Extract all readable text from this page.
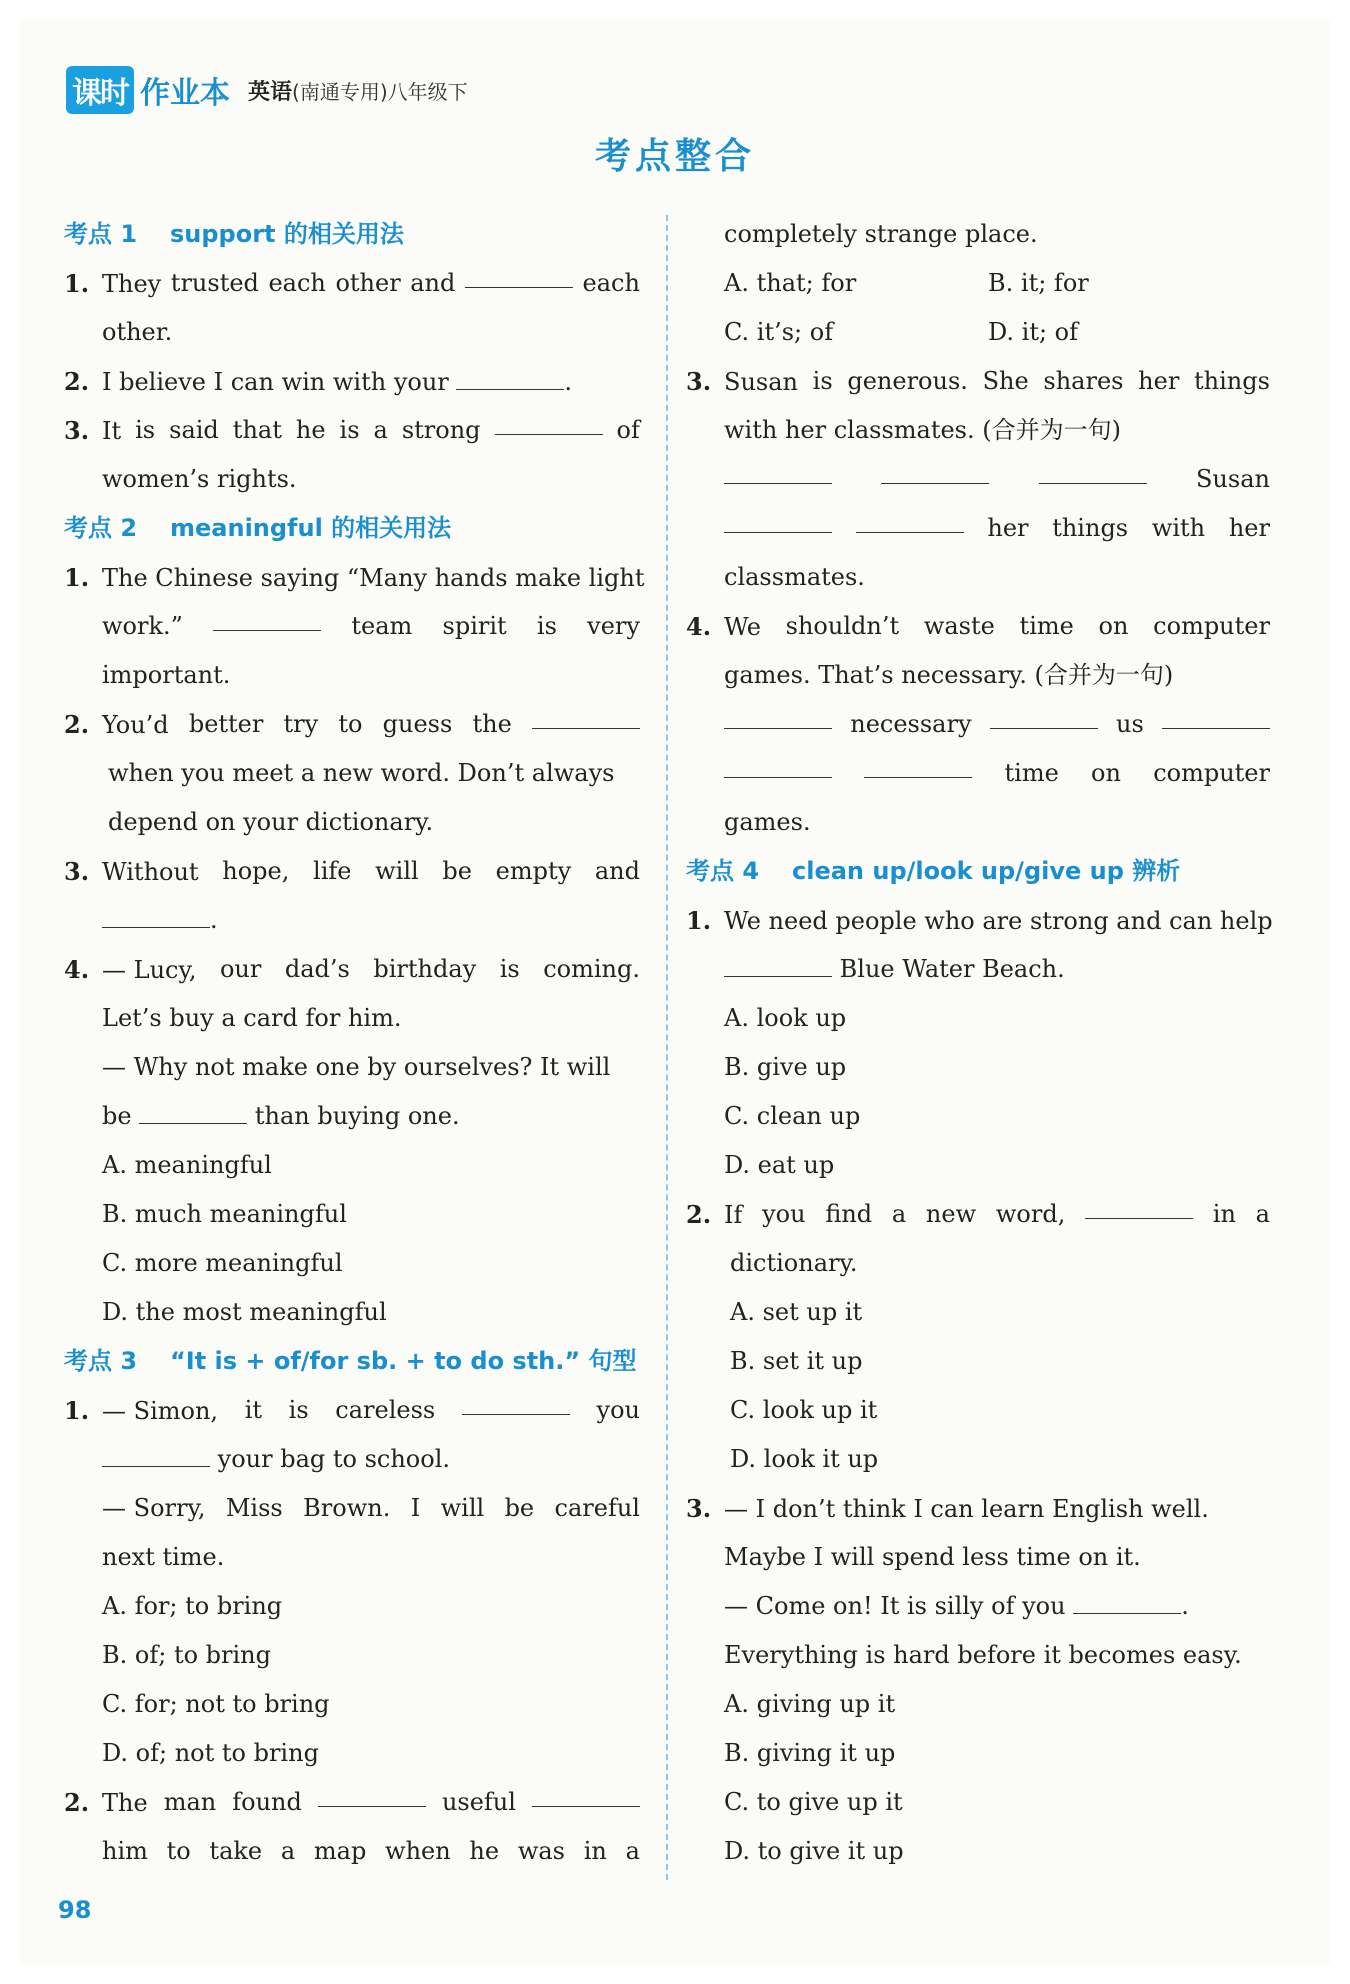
课时 作业本 英语(南通专用)八年级下
考点整合
考点 1 support 的相关用法
1. They trusted each other and	each
other.
2. I believe I can win with your	.
3. It is said that he is a strong	of
women’s rights.
考点 2 meaningful 的相关用法
1. The Chinese saying “Many hands make light
work.”	team spirit is very
important.
2. You’d better try to guess the
when you meet a new word. Don’t always
depend on your dictionary.
3. Without hope, life will be empty and
.
4. — Lucy, our dad’s birthday is coming.
Let’s buy a card for him.
— Why not make one by ourselves? It will
be	than buying one.
A. meaningful
B. much meaningful
C. more meaningful
D. the most meaningful
考点 3 “It is + of/for sb. + to do sth.” 句型
1. — Simon, it is careless	you
your bag to school.
— Sorry, Miss Brown. I will be careful
next time.
A. for; to bring
B. of; to bring
C. for; not to bring
D. of; not to bring
2. The man found	useful
him to take a map when he was in a
completely strange place.
A. that; for	B. it; for
C. it’s; of	D. it; of
3. Susan is generous. She shares her things
with her classmates. (合并为一句)
Susan
her things with her
classmates.
4. We shouldn’t waste time on computer
games. That’s necessary. (合并为一句)
necessary	us
time on computer
games.
考点 4 clean up/look up/give up 辨析
1. We need people who are strong and can help
Blue Water Beach.
A. look up
B. give up
C. clean up
D. eat up
2. If you find a new word,	in a
dictionary.
A. set up it
B. set it up
C. look up it
D. look it up
3. — I don’t think I can learn English well.
Maybe I will spend less time on it.
— Come on! It is silly of you	.
Everything is hard before it becomes easy.
A. giving up it
B. giving it up
C. to give up it
D. to give it up
98
